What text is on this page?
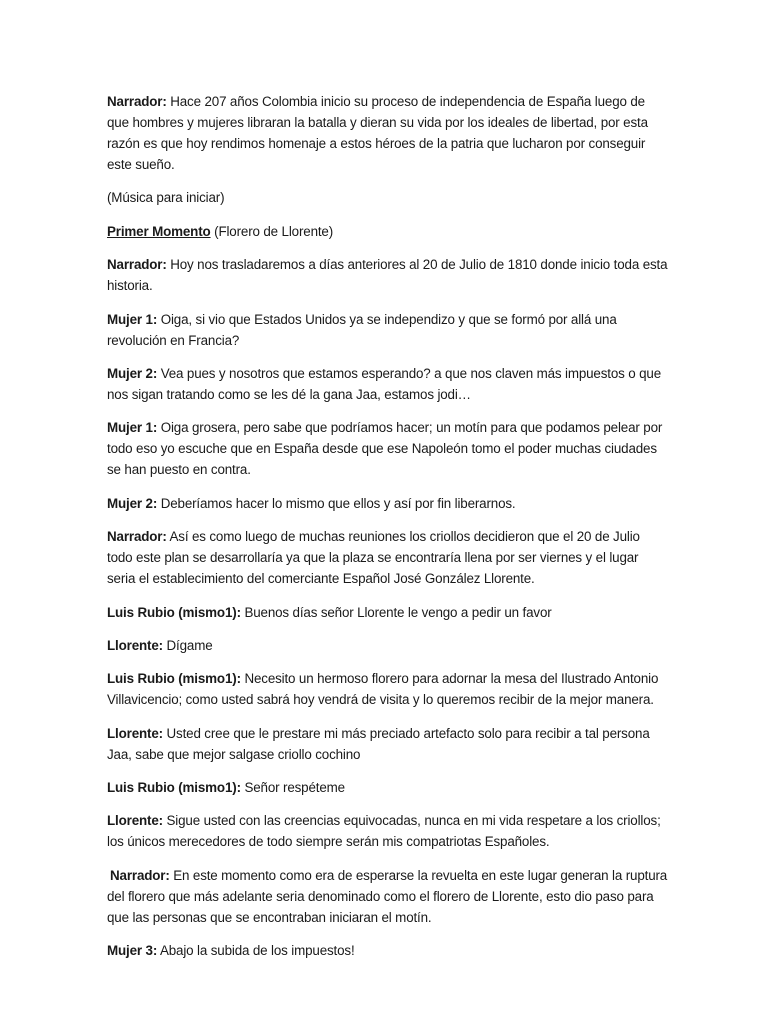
Narrador: Hace 207 años Colombia inicio su proceso de independencia de España luego de que hombres y mujeres libraran la batalla y dieran su vida por los ideales de libertad, por esta razón es que hoy rendimos homenaje a estos héroes de la patria que lucharon por conseguir este sueño.

(Música para iniciar)

Primer Momento (Florero de Llorente)

Narrador: Hoy nos trasladaremos a días anteriores al 20 de Julio de 1810 donde inicio toda esta historia.

Mujer 1: Oiga, si vio que Estados Unidos ya se independizo y que se formó por allá una revolución en Francia?

Mujer 2: Vea pues y nosotros que estamos esperando? a que nos claven más impuestos o que nos sigan tratando como se les dé la gana Jaa, estamos jodi…

Mujer 1: Oiga grosera, pero sabe que podríamos hacer; un motín para que podamos pelear por todo eso yo escuche que en España desde que ese Napoleón tomo el poder muchas ciudades se han puesto en contra.

Mujer 2: Deberíamos hacer lo mismo que ellos y así por fin liberarnos.

Narrador: Así es como luego de muchas reuniones los criollos decidieron que el 20 de Julio todo este plan se desarrollaría ya que la plaza se encontraría llena por ser viernes y el lugar seria el establecimiento del comerciante Español José González Llorente.

Luis Rubio (mismo1): Buenos días señor Llorente le vengo a pedir un favor

Llorente: Dígame

Luis Rubio (mismo1): Necesito un hermoso florero para adornar la mesa del Ilustrado Antonio Villavicencio; como usted sabrá hoy vendrá de visita y lo queremos recibir de la mejor manera.

Llorente: Usted cree que le prestare mi más preciado artefacto solo para recibir a tal persona Jaa, sabe que mejor salgase criollo cochino

Luis Rubio (mismo1): Señor respéteme

Llorente: Sigue usted con las creencias equivocadas, nunca en mi vida respetare a los criollos; los únicos merecedores de todo siempre serán mis compatriotas Españoles.

Narrador: En este momento como era de esperarse la revuelta en este lugar generan la ruptura del florero que más adelante seria denominado como el florero de Llorente, esto dio paso para que las personas que se encontraban iniciaran el motín.

Mujer 3: Abajo la subida de los impuestos!
